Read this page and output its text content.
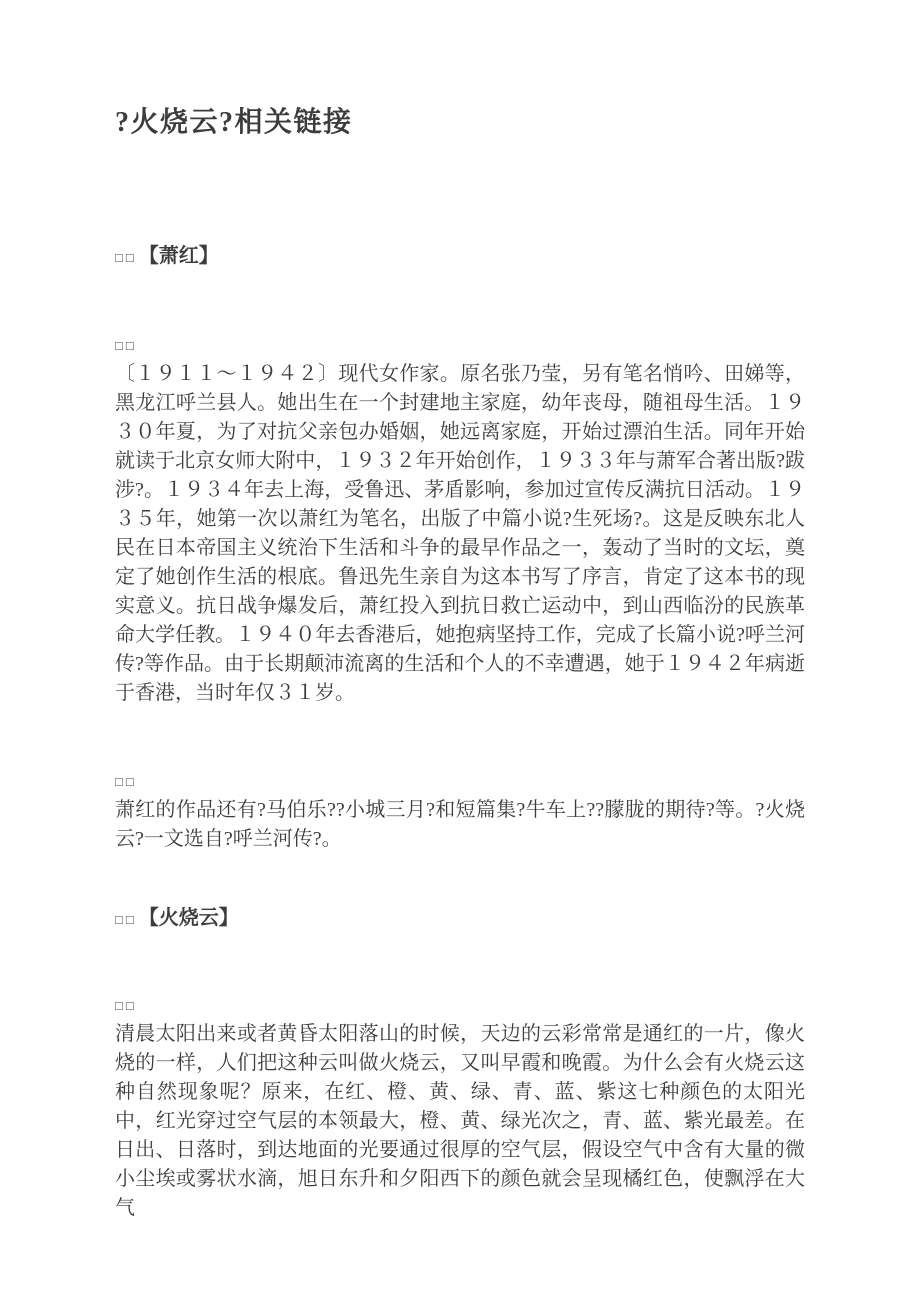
?火烧云?相关链接
□□ 【萧红】

□□
〔１９１１～１９４２〕现代女作家。原名张乃莹，另有笔名悄吟、田娣等，黑龙江呼兰县人。她出生在一个封建地主家庭，幼年丧母，随祖母生活。１９３０年夏，为了对抗父亲包办婚姻，她远离家庭，开始过漂泊生活。同年开始就读于北京女师大附中，１９３２年开始创作，１９３３年与萧军合著出版?跋涉?。１９３４年去上海，受鲁迅、茅盾影响，参加过宣传反满抗日活动。１９３５年，她第一次以萧红为笔名，出版了中篇小说?生死场?。这是反映东北人民在日本帝国主义统治下生活和斗争的最早作品之一，轰动了当时的文坛，奠定了她创作生活的根底。鲁迅先生亲自为这本书写了序言，肯定了这本书的现实意义。抗日战争爆发后，萧红投入到抗日救亡运动中，到山西临汾的民族革命大学任教。１９４０年去香港后，她抱病坚持工作，完成了长篇小说?呼兰河传?等作品。由于长期颠沛流离的生活和个人的不幸遭遇，她于１９４２年病逝于香港，当时年仅３１岁。

□□
萧红的作品还有?马伯乐??小城三月?和短篇集?牛车上??朦胧的期待?等。?火烧云?一文选自?呼兰河传?。

□□ 【火烧云】

□□
清晨太阳出来或者黄昏太阳落山的时候，天边的云彩常常是通红的一片，像火烧的一样，人们把这种云叫做火烧云，又叫早霞和晚霞。为什么会有火烧云这种自然现象呢？原来，在红、橙、黄、绿、青、蓝、紫这七种颜色的太阳光中，红光穿过空气层的本领最大，橙、黄、绿光次之，青、蓝、紫光最差。在日出、日落时，到达地面的光要通过很厚的空气层，假设空气中含有大量的微小尘埃或雾状水滴，旭日东升和夕阳西下的颜色就会呈现橘红色，使飘浮在大气
